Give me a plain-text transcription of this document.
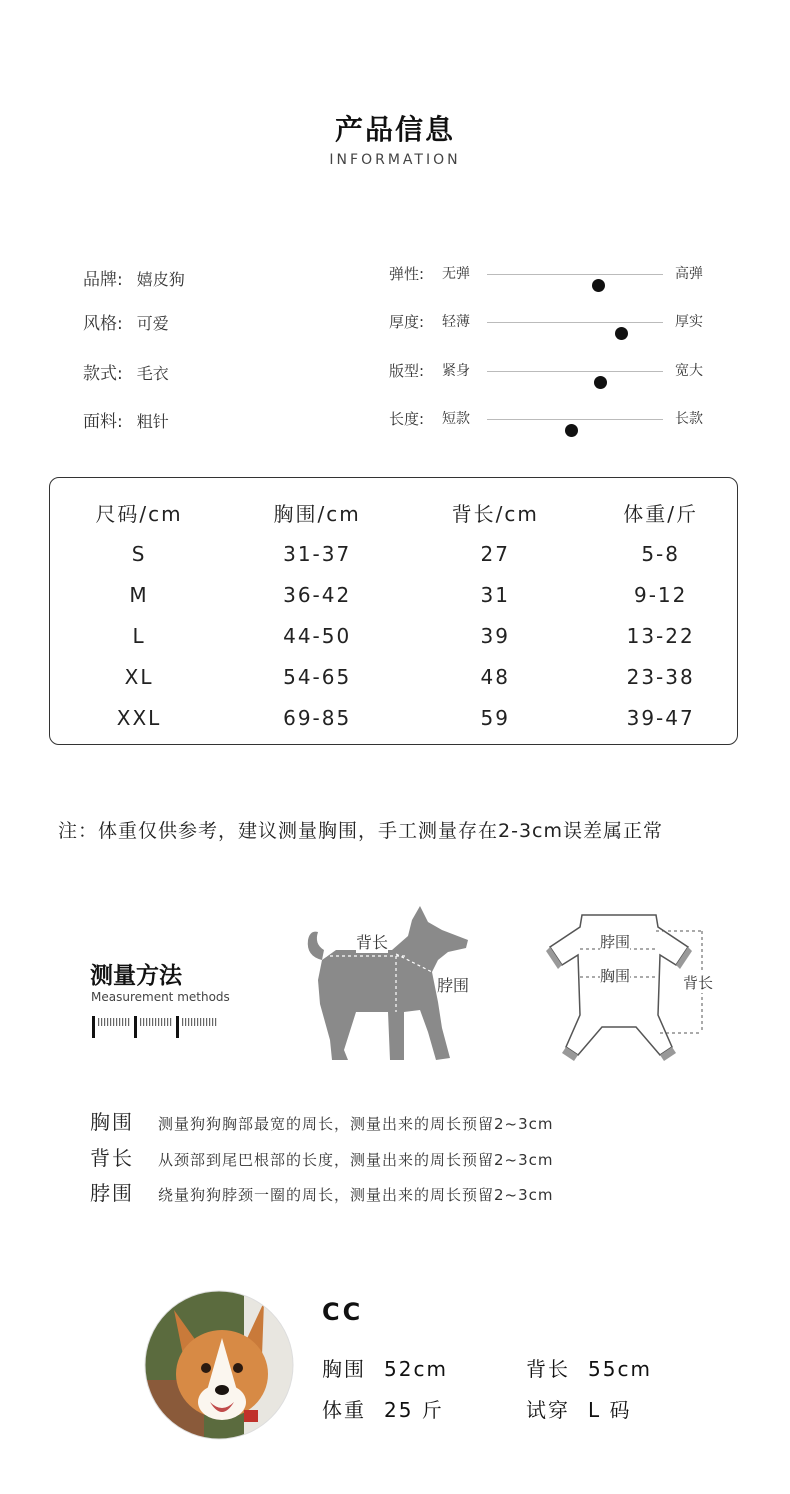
产品信息
INFORMATION
品牌: 嬉皮狗
风格: 可爱
款式: 毛衣
面料: 粗针
弹性: 无弹	高弹
厚度: 轻薄	厚实
版型: 紧身	宽大
长度: 短款	长款
尺码/cm	胸围/cm	背长/cm	体重/斤
S	31-37	27	5-8
M	36-42	31	9-12
L	44-50	39	13-22
XL	54-65	48	23-38
XXL	69-85	59	39-47
注：体重仅供参考，建议测量胸围，手工测量存在2-3cm误差属正常
测量方法
Measurement methods
背长
脖围
胸围
脖围
胸围	背长
胸围 测量狗狗胸部最宽的周长，测量出来的周长预留2~3cm
背长 从颈部到尾巴根部的长度，测量出来的周长预留2~3cm
脖围 绕量狗狗脖颈一圈的周长，测量出来的周长预留2~3cm
CC
胸围 52cm	背长 55cm
体重 25 斤	试穿 L 码
